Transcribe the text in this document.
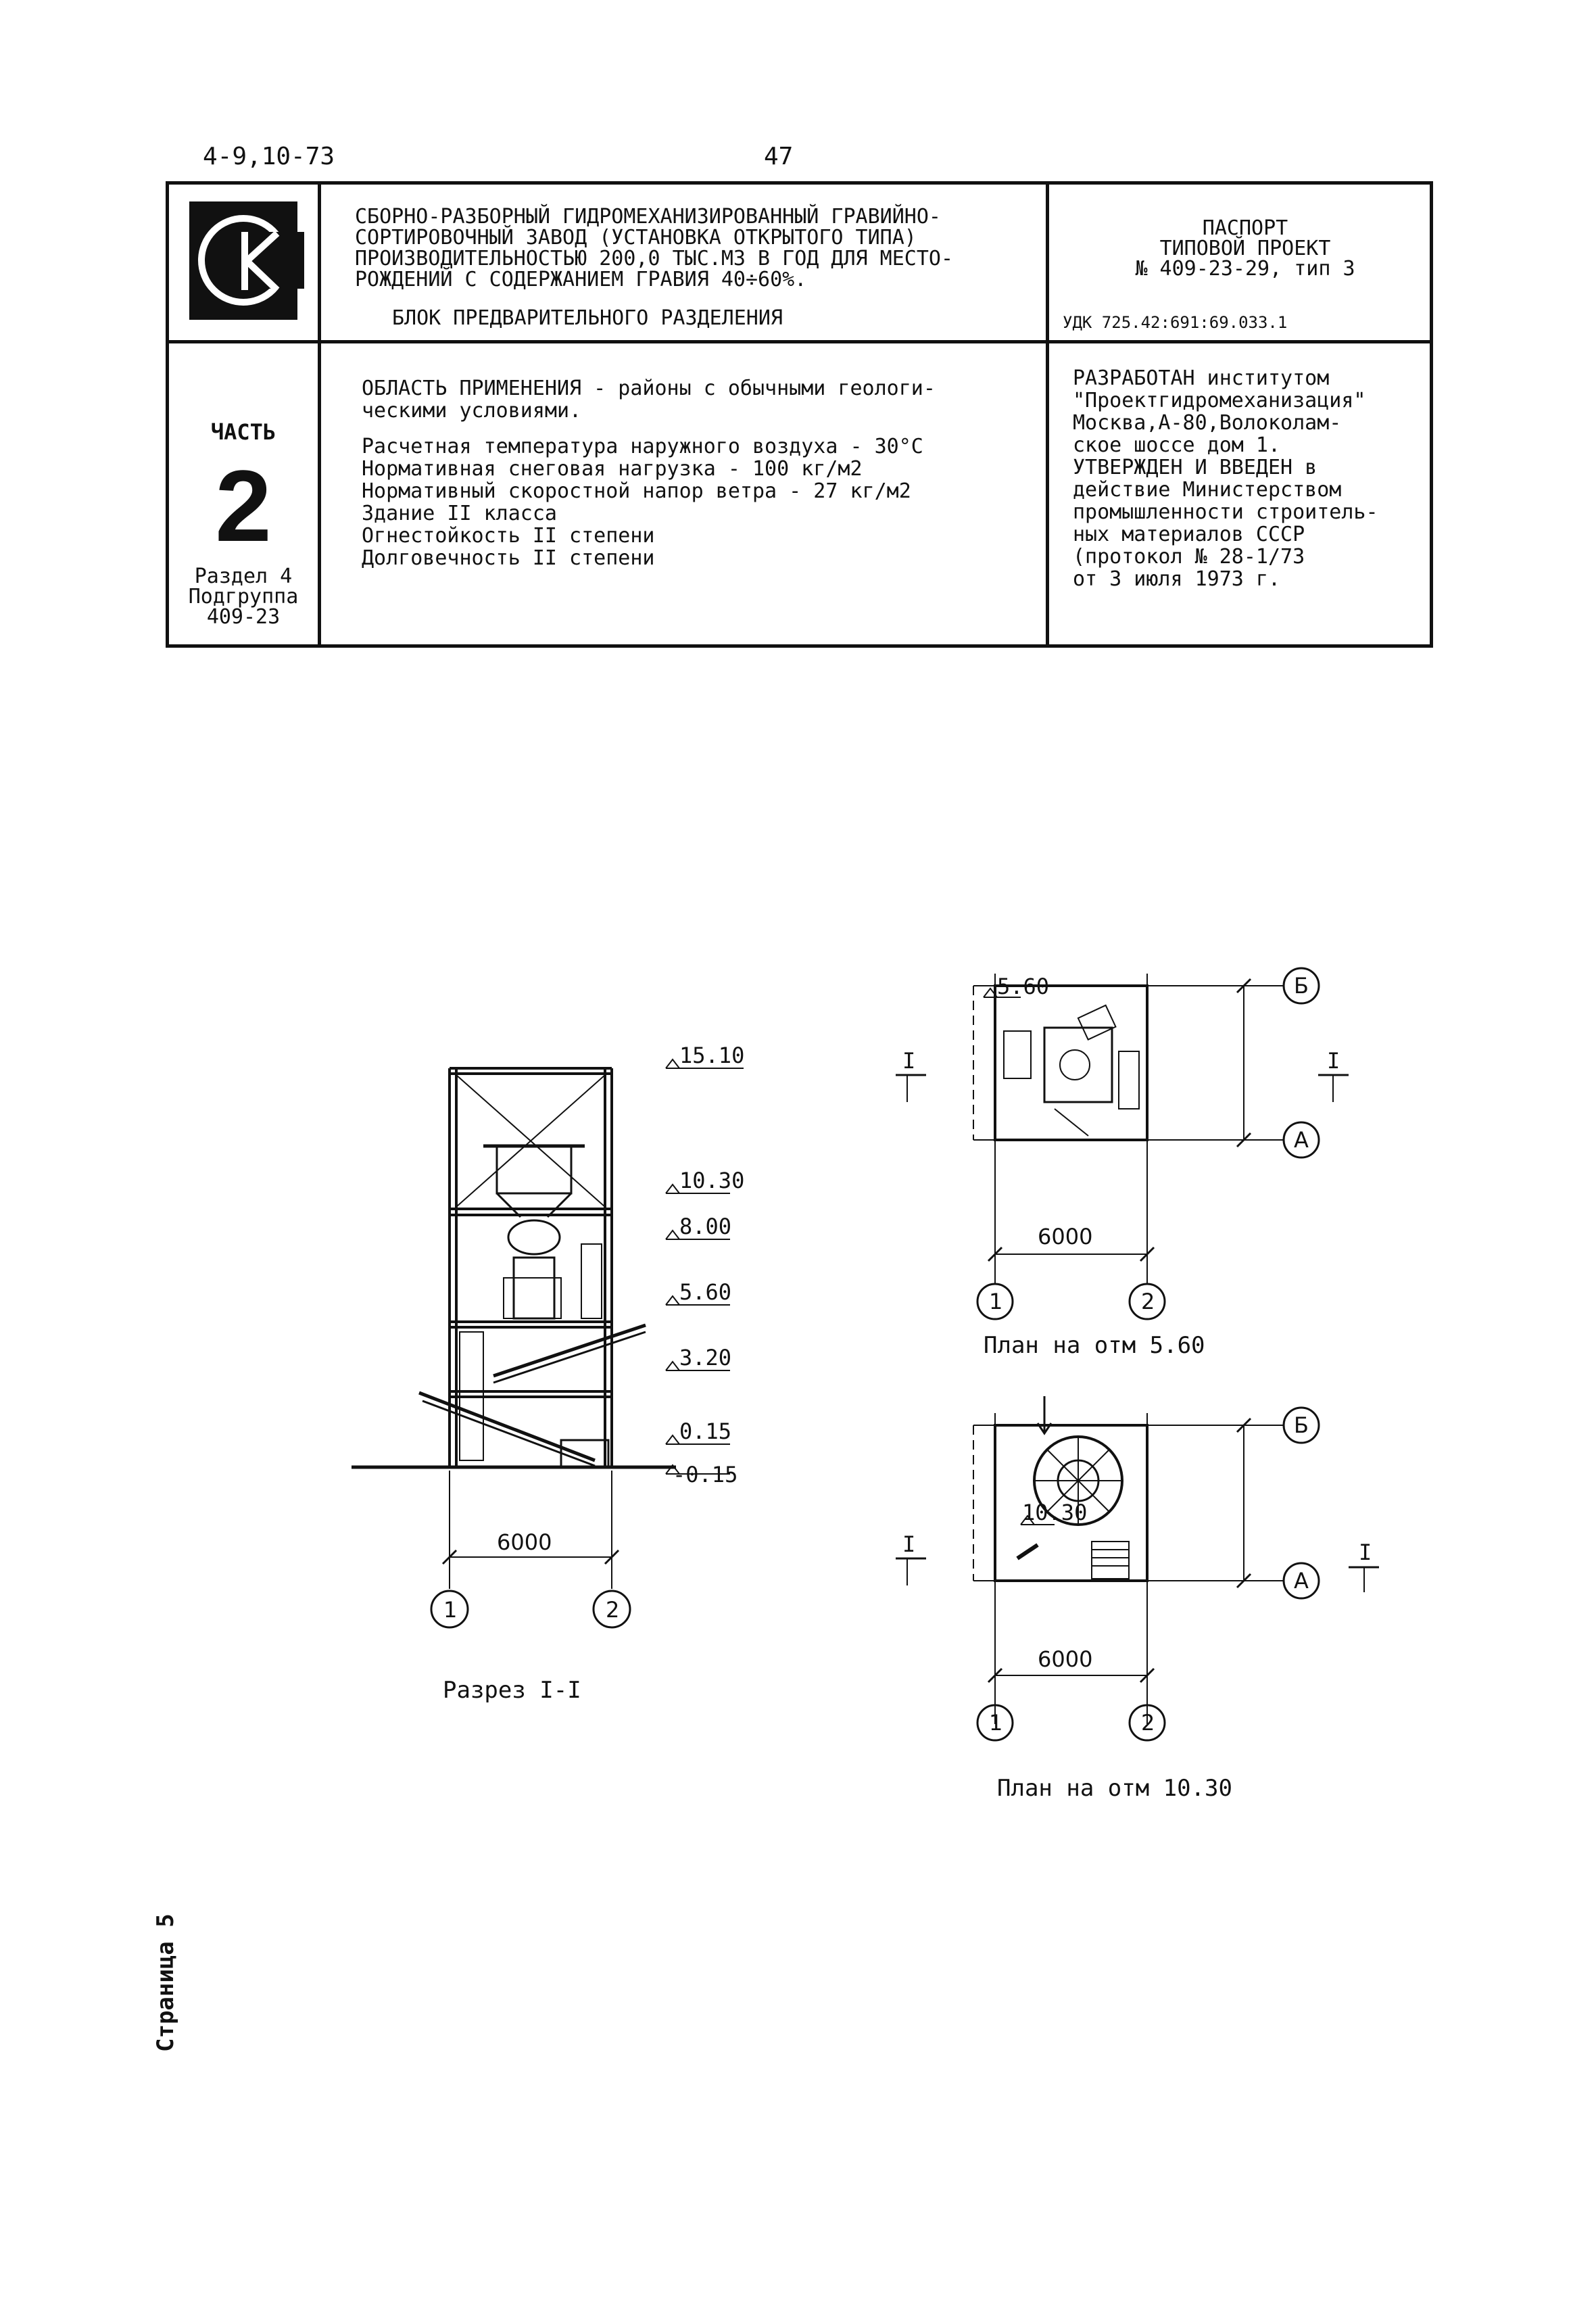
4-9,10-73	47
СБОРНО-РАЗБОРНЫЙ ГИДРОМЕХАНИЗИРОВАННЫЙ ГРАВИЙНО-
СОРТИРОВОЧНЫЙ ЗАВОД (УСТАНОВКА ОТКРЫТОГО ТИПА)
ПРОИЗВОДИТЕЛЬНОСТЬЮ 200,0 ТЫС.М3 В ГОД ДЛЯ МЕСТО-
РОЖДЕНИЙ С СОДЕРЖАНИЕМ ГРАВИЯ 40÷60%.
БЛОК ПРЕДВАРИТЕЛЬНОГО РАЗДЕЛЕНИЯ
ПАСПОРТ
ТИПОВОЙ ПРОЕКТ
№ 409-23-29, тип 3
УДК 725.42:691:69.033.1
ЧАСТЬ
2
Раздел 4
Подгруппа
409-23
ОБЛАСТЬ ПРИМЕНЕНИЯ - районы с обычными геологи-
ческими условиями.
Расчетная температура наружного воздуха - 30°С
Нормативная снеговая нагрузка - 100 кг/м2
Нормативный скоростной напор ветра - 27 кг/м2
Здание II класса
Огнестойкость II степени
Долговечность II степени
РАЗРАБОТАН институтом
"Проектгидромеханизация"
Москва,А-80,Волоколам-
ское шоссе дом 1.
УТВЕРЖДЕН И ВВЕДЕН в
действие Министерством
промышленности строитель-
ных материалов СССР
(протокол № 28-1/73
от 3 июля 1973 г.
15.10
10.30
8.00
5.60
3.20
0.15
-0.15
6000
1	2
5.60
6000
1	2
Б
А
I	I
10.30
6000
1	2
Б
А
I	I
Разрез I-I
План на отм 5.60
План на отм 10.30
Страница 5
